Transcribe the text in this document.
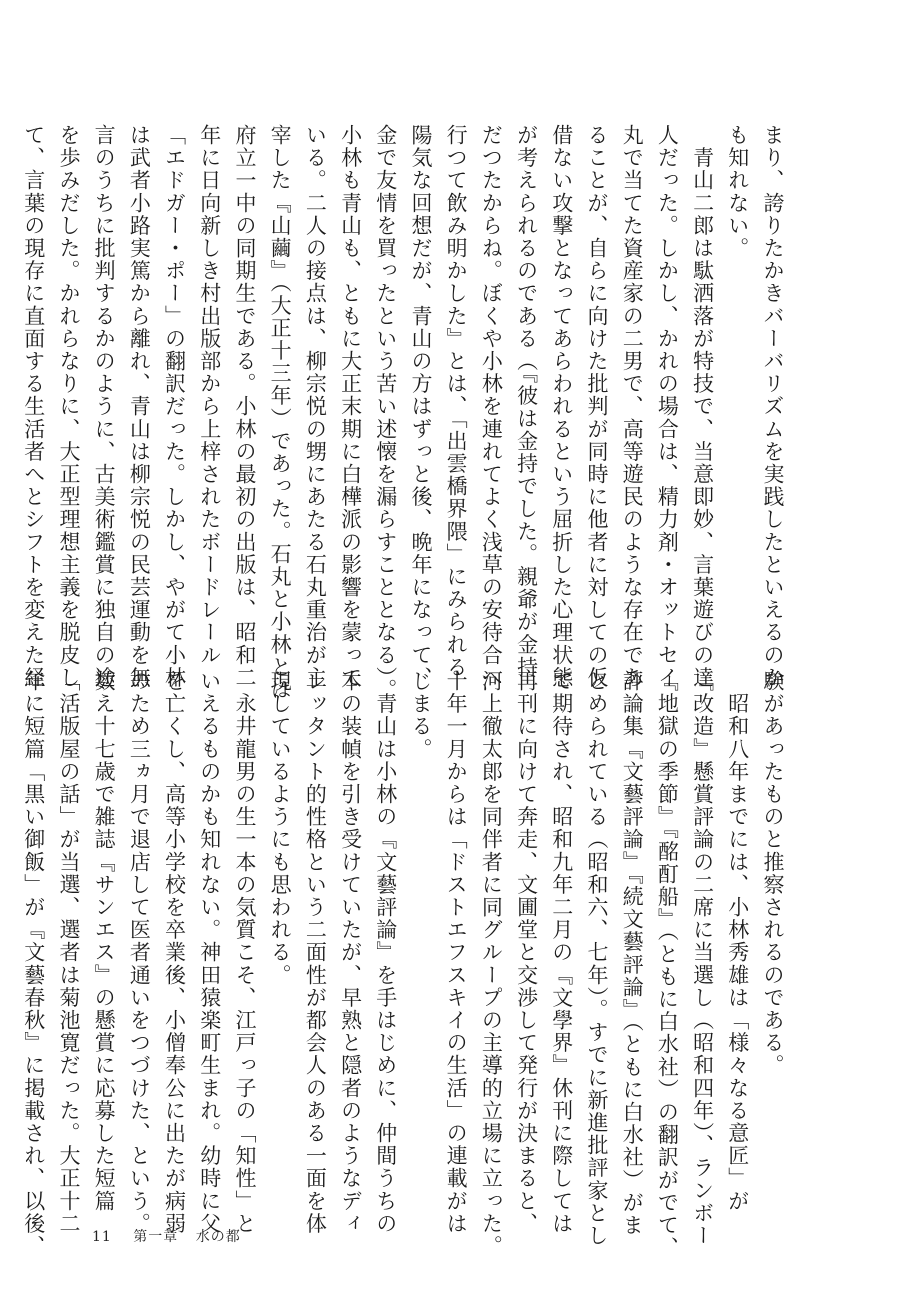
まり、誇りたかきバーバリズムを実践したといえるのか

も知れない。

　青山二郎は駄洒落が特技で、当意即妙、言葉遊びの達

人だった。しかし、かれの場合は、精力剤・オットセイ

丸で当てた資産家の二男で、高等遊民のような存在であ

ることが、自らに向けた批判が同時に他者に対しての仮

借ない攻撃となってあらわれるという屈折した心理状態

が考えられるのである（『彼は金持でした。親爺が金持

だつたからね。ぼくや小林を連れてよく浅草の安待合へ

行つて飲み明かした』とは、「出雲橋界隈」にみられる

陽気な回想だが、青山の方はずっと後、晩年になって、

金で友情を買ったという苦い述懐を漏らすこととなる）。

小林も青山も、ともに大正末期に白樺派の影響を蒙って

いる。二人の接点は、柳宗悦の甥にあたる石丸重治が主

宰した『山繭』（大正十三年）であった。石丸と小林とは

府立一中の同期生である。小林の最初の出版は、昭和二

年に日向新しき村出版部から上梓されたボードレール

「エドガー・ポー」の翻訳だった。しかし、やがて小林

は武者小路実篤から離れ、青山は柳宗悦の民芸運動を無

言のうちに批判するかのように、古美術鑑賞に独自の途

を歩みだした。かれらなりに、大正型理想主義を脱皮し

て、言葉の現存に直面する生活者へとシフトを変えた経

験があったものと推察されるのである。

　昭和八年までには、小林秀雄は「様々なる意匠」が

『改造』懸賞評論の二席に当選し（昭和四年）、ランボー

『地獄の季節』『酩酊船』（ともに白水社）の翻訳がでて、

評論集『文藝評論』『続文藝評論』（ともに白水社）がま

とめられている（昭和六、七年）。すでに新進批評家とし

て期待され、昭和九年二月の『文學界』休刊に際しては

再刊に向けて奔走、文圃堂と交渉して発行が決まると、

河上徹太郎を同伴者に同グループの主導的立場に立った。

十年一月からは「ドストエフスキイの生活」の連載がは

じまる。

　青山は小林の『文藝評論』を手はじめに、仲間うちの

本の装幀を引き受けていたが、早熟と隠者のようなディ

レッタント的性格という二面性が都会人のある一面を体

現しているようにも思われる。

　永井龍男の生一本の気質こそ、江戸っ子の「知性」と

いえるものかも知れない。神田猿楽町生まれ。幼時に父

を亡くし、高等小学校を卒業後、小僧奉公に出たが病弱

のため三ヵ月で退店して医者通いをつづけた、という。

数え十七歳で雑誌『サンエス』の懸賞に応募した短篇

「活版屋の話」が当選、選者は菊池寛だった。大正十二

年に短篇「黒い御飯」が『文藝春秋』に掲載され、以後、	11 第一章 水の都
